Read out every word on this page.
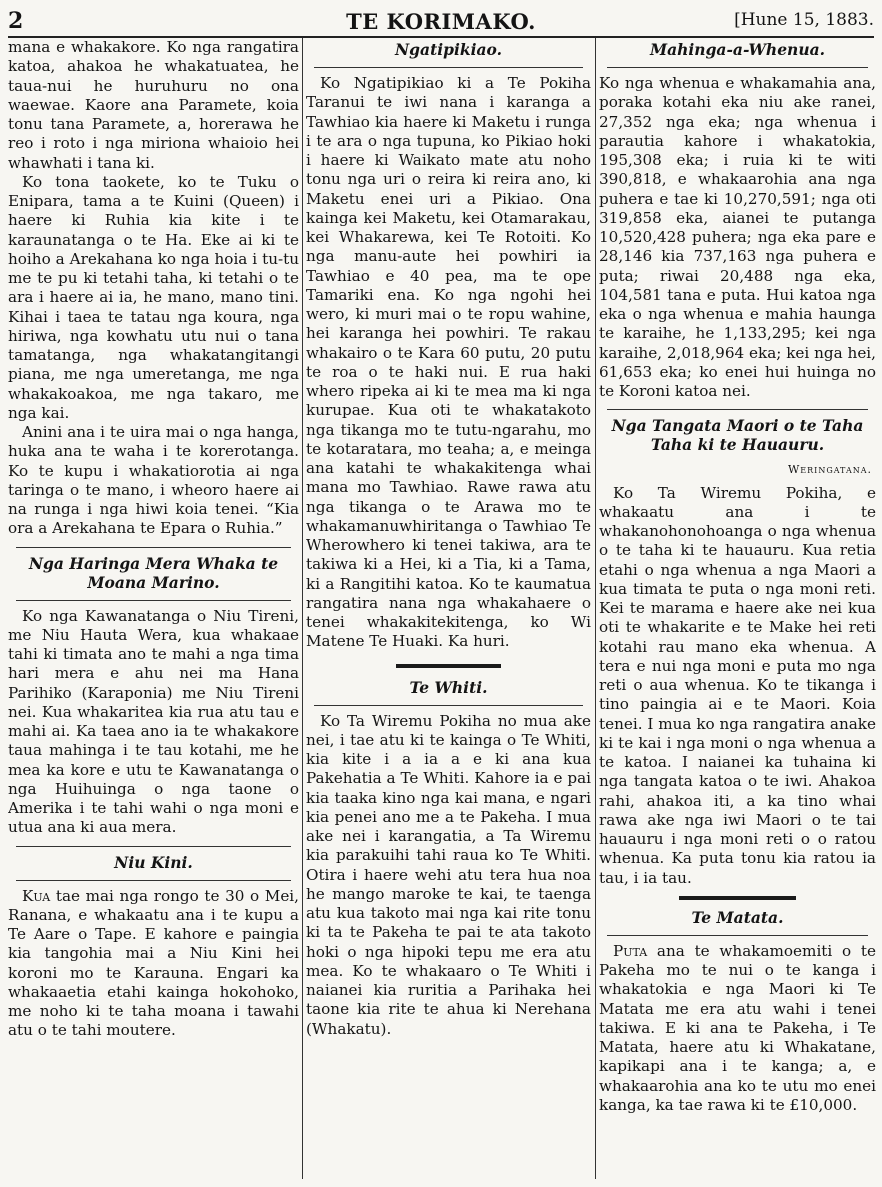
2	TE KORIMAKO.	[Hune 15, 1883.

mana e whakakore. Ko nga rangatira katoa, ahakoa he whakatuatea, he taua-nui he huruhuru no ona waewae. Kaore ana Paramete, koia tonu tana Paramete, a, horerawa he reo i roto i nga miriona whaioio hei whawhati i tana ki.

Ko tona taokete, ko te Tuku o Enipara, tama a te Kuini (Queen) i haere ki Ruhia kia kite i te karaunatanga o te Ha. Eke ai ki te hoiho a Arekahana ko nga hoia i tu-tu me te pu ki tetahi taha, ki tetahi o te ara i haere ai ia, he mano, mano tini. Kihai i taea te tatau nga koura, nga hiriwa, nga kowhatu utu nui o tana tamatanga, nga whakatangitangi piana, me nga umeretanga, me nga whakakoakoa, me nga takaro, me nga kai.

Anini ana i te uira mai o nga hanga, huka ana te waha i te korerotanga. Ko te kupu i whakatiorotia ai nga taringa o te mano, i wheoro haere ai na runga i nga hiwi koia tenei. “Kia ora a Arekahana te Epara o Ruhia.”

Nga Haringa Mera Whaka te Moana Marino.

Ko nga Kawanatanga o Niu Tireni, me Niu Hauta Wera, kua whakaae tahi ki timata ano te mahi a nga tima hari mera e ahu nei ma Hana Parihiko (Karaponia) me Niu Tireni nei. Kua whakaritea kia rua atu tau e mahi ai. Ka taea ano ia te whakakore taua mahinga i te tau kotahi, me he mea ka kore e utu te Kawanatanga o nga Huihuinga o nga taone o Amerika i te tahi wahi o nga moni e utua ana ki aua mera.

Niu Kini.

Kua tae mai nga rongo te 30 o Mei, Ranana, e whakaatu ana i te kupu a Te Aare o Tape. E kahore e paingia kia tangohia mai a Niu Kini hei koroni mo te Karauna. Engari ka whakaaetia etahi kainga hokohoko, me noho ki te taha moana i tawahi atu o te tahi moutere.

Ngatipikiao.

Ko Ngatipikiao ki a Te Pokiha Taranui te iwi nana i karanga a Tawhiao kia haere ki Maketu i runga i te ara o nga tupuna, ko Pikiao hoki i haere ki Waikato mate atu noho tonu nga uri o reira ki reira ano, ki Maketu enei uri a Pikiao. Ona kainga kei Maketu, kei Otamarakau, kei Whakarewa, kei Te Rotoiti. Ko nga manu-aute hei powhiri ia Tawhiao e 40 pea, ma te ope Tamariki ena. Ko nga ngohi hei wero, ki muri mai o te ropu wahine, hei karanga hei powhiri. Te rakau whakairo o te Kara 60 putu, 20 putu te roa o te haki nui. E rua haki whero ripeka ai ki te mea ma ki nga kurupae. Kua oti te whakatakoto nga tikanga mo te tutu-ngarahu, mo te kotaratara, mo teaha; a, e meinga ana katahi te whakakitenga whai mana mo Tawhiao. Rawe rawa atu nga tikanga o te Arawa mo te whakamanuwhiritanga o Tawhiao Te Wherowhero ki tenei takiwa, ara te takiwa ki a Hei, ki a Tia, ki a Tama, ki a Rangitihi katoa. Ko te kaumatua rangatira nana nga whakahaere o tenei whakakitekitenga, ko Wi Matene Te Huaki. Ka huri.

Te Whiti.

Ko Ta Wiremu Pokiha no mua ake nei, i tae atu ki te kainga o Te Whiti, kia kite i a ia a e ki ana kua Pakehatia a Te Whiti. Kahore ia e pai kia taaka kino nga kai mana, e ngari kia penei ano me a te Pakeha. I mua ake nei i karangatia, a Ta Wiremu kia parakuihi tahi raua ko Te Whiti. Otira i haere wehi atu tera hua noa he mango maroke te kai, te taenga atu kua takoto mai nga kai rite tonu ki ta te Pakeha te pai te ata takoto hoki o nga hipoki tepu me era atu mea. Ko te whakaaro o Te Whiti i naianei kia ruritia a Parihaka hei taone kia rite te ahua ki Nerehana (Whakatu).

Mahinga-a-Whenua.

Ko nga whenua e whakamahia ana, poraka kotahi eka niu ake ranei, 27,352 nga eka; nga whenua i parautia kahore i whakatokia, 195,308 eka; i ruia ki te witi 390,818, e whakaarohia ana nga puhera e tae ki 10,270,591; nga oti 319,858 eka, aianei te putanga 10,520,428 puhera; nga eka pare e 28,146 kia 737,163 nga puhera e puta; riwai 20,488 nga eka, 104,581 tana e puta. Hui katoa nga eka o nga whenua e mahia haunga te karaihe, he 1,133,295; kei nga karaihe, 2,018,964 eka; kei nga hei, 61,653 eka; ko enei hui huinga no te Koroni katoa nei.

Nga Tangata Maori o te Taha Taha ki te Hauauru.
Weringatana.

Ko Ta Wiremu Pokiha, e whakaatu ana i te whakanohonohoanga o nga whenua o te taha ki te hauauru. Kua retia etahi o nga whenua a nga Maori a kua timata te puta o nga moni reti. Kei te marama e haere ake nei kua oti te whakarite e te Make hei reti kotahi rau mano eka whenua. A tera e nui nga moni e puta mo nga reti o aua whenua. Ko te tikanga i tino paingia ai e te Maori. Koia tenei. I mua ko nga rangatira anake ki te kai i nga moni o nga whenua a te katoa. I naianei ka tuhaina ki nga tangata katoa o te iwi. Ahakoa rahi, ahakoa iti, a ka tino whai rawa ake nga iwi Maori o te tai hauauru i nga moni reti o o ratou whenua. Ka puta tonu kia ratou ia tau, i ia tau.

Te Matata.

Puta ana te whakamoemiti o te Pakeha mo te nui o te kanga i whakatokia e nga Maori ki Te Matata me era atu wahi i tenei takiwa. E ki ana te Pakeha, i Te Matata, haere atu ki Whakatane, kapikapi ana i te kanga; a, e whakaarohia ana ko te utu mo enei kanga, ka tae rawa ki te £10,000.
